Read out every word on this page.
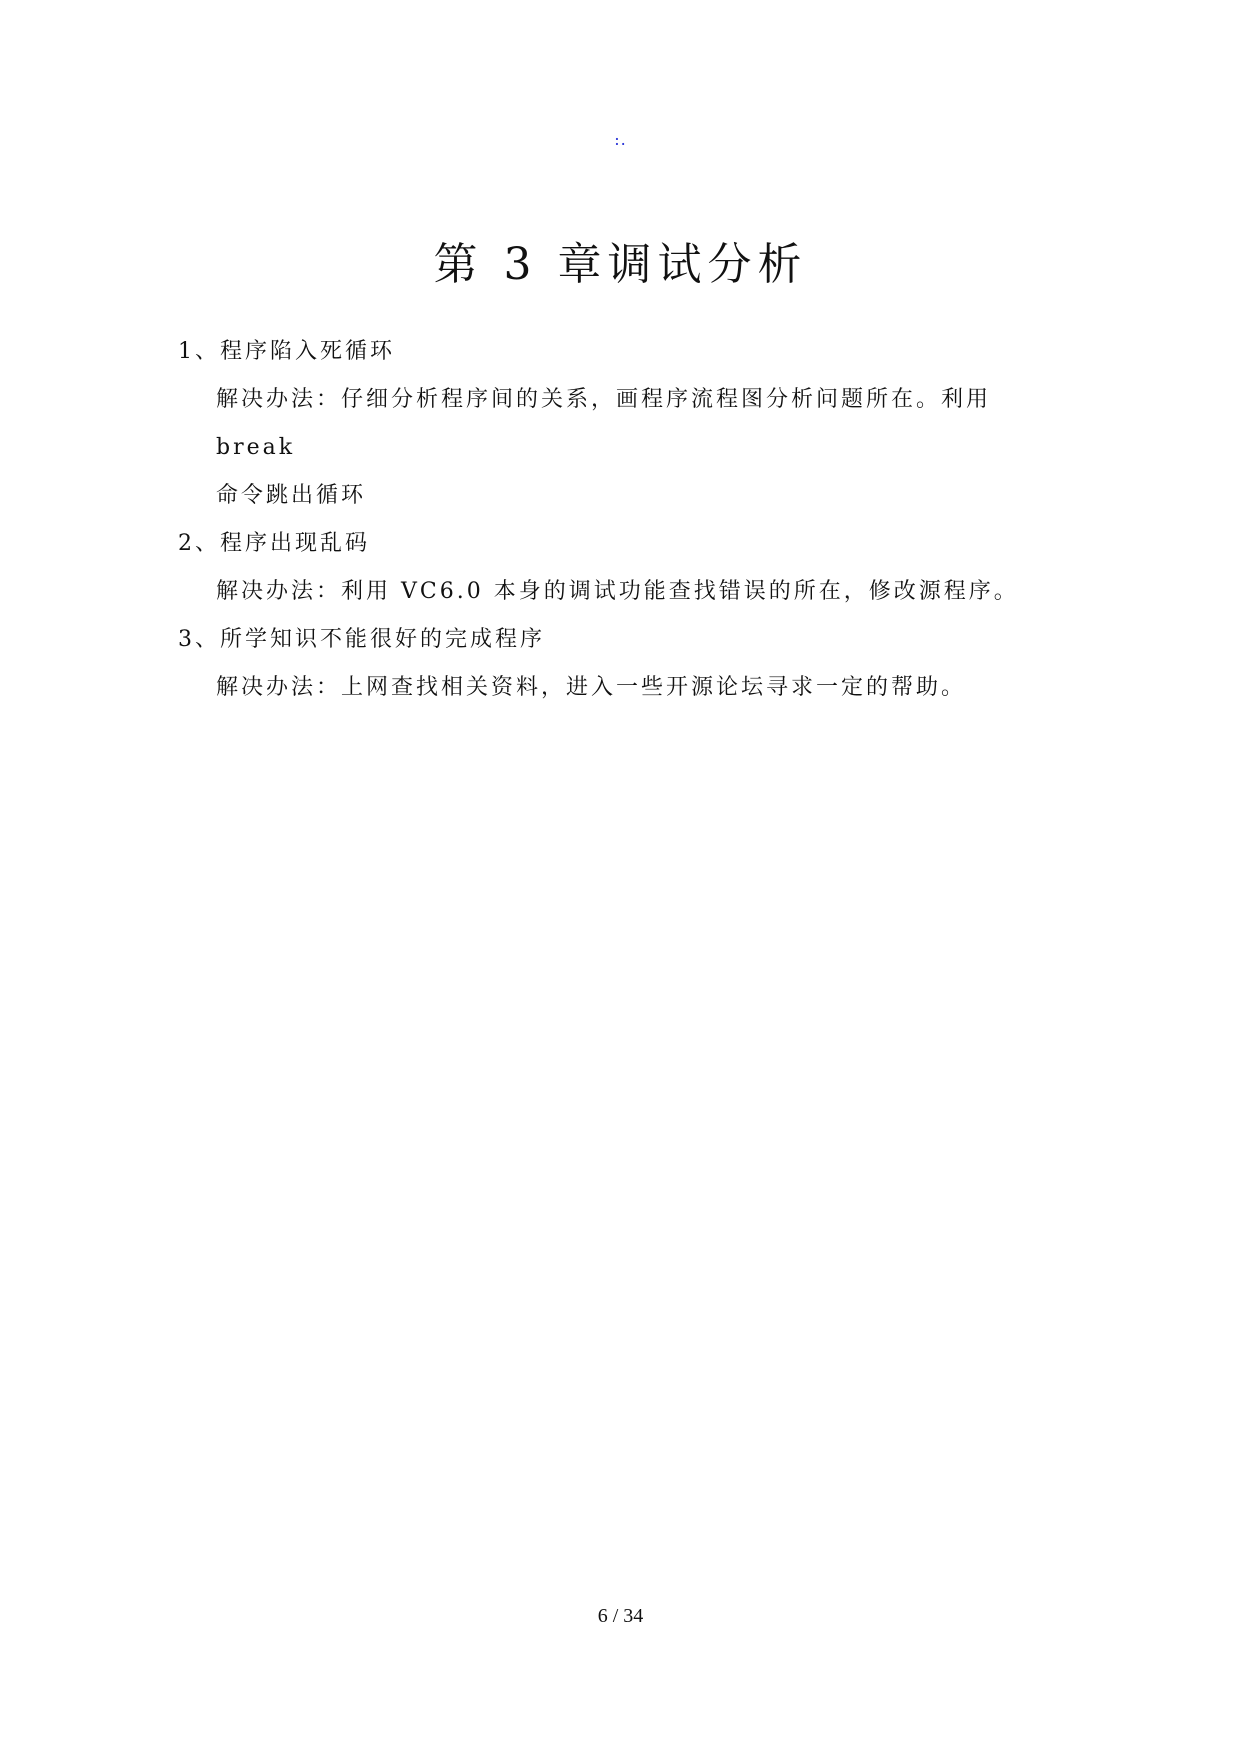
:.
第 3 章调试分析

1、程序陷入死循环

解决办法：仔细分析程序间的关系，画程序流程图分析问题所在。利用 break

命令跳出循环

2、程序出现乱码

解决办法：利用 VC6.0 本身的调试功能查找错误的所在，修改源程序。

3、所学知识不能很好的完成程序

解决办法：上网查找相关资料，进入一些开源论坛寻求一定的帮助。

6 / 34
